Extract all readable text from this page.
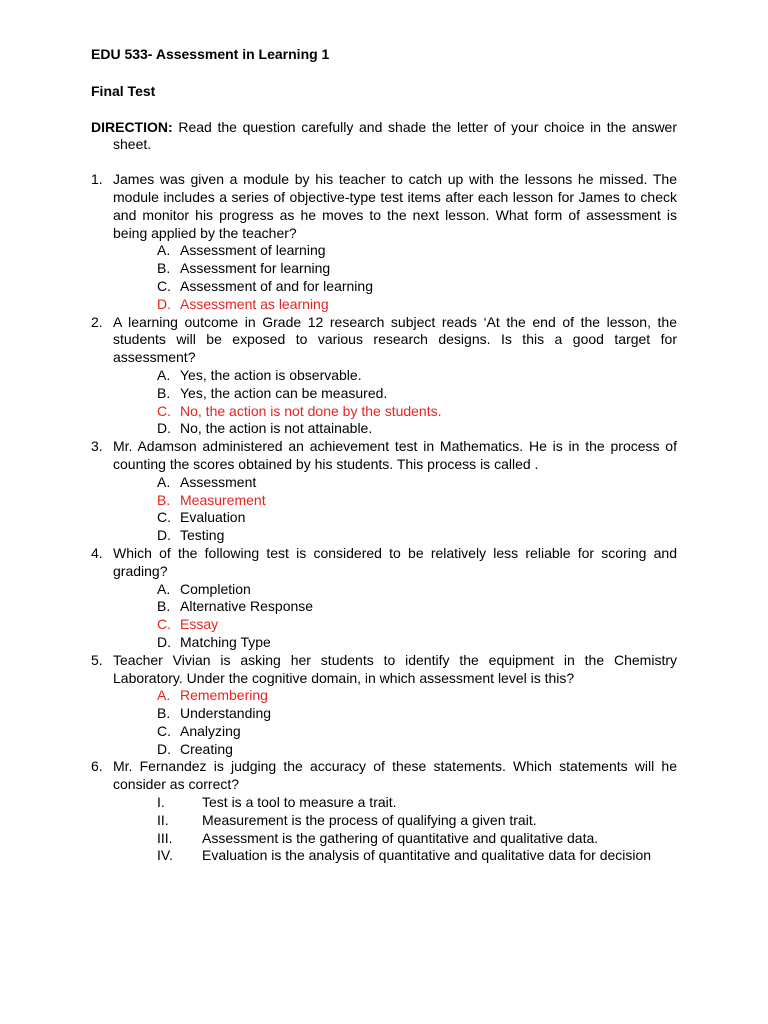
EDU 533- Assessment in Learning 1

Final Test

DIRECTION: Read the question carefully and shade the letter of your choice in the answer sheet.

1. James was given a module by his teacher to catch up with the lessons he missed. The module includes a series of objective-type test items after each lesson for James to check and monitor his progress as he moves to the next lesson. What form of assessment is being applied by the teacher?
A. Assessment of learning
B. Assessment for learning
C. Assessment of and for learning
D. Assessment as learning
2. A learning outcome in Grade 12 research subject reads ‘At the end of the lesson, the students will be exposed to various research designs. Is this a good target for assessment?
A. Yes, the action is observable.
B. Yes, the action can be measured.
C. No, the action is not done by the students.
D. No, the action is not attainable.
3. Mr. Adamson administered an achievement test in Mathematics. He is in the process of counting the scores obtained by his students. This process is called .
A. Assessment
B. Measurement
C. Evaluation
D. Testing
4. Which of the following test is considered to be relatively less reliable for scoring and grading?
A. Completion
B. Alternative Response
C. Essay
D. Matching Type
5. Teacher Vivian is asking her students to identify the equipment in the Chemistry Laboratory. Under the cognitive domain, in which assessment level is this?
A. Remembering
B. Understanding
C. Analyzing
D. Creating
6. Mr. Fernandez is judging the accuracy of these statements. Which statements will he consider as correct?
I.	Test is a tool to measure a trait.
II. Measurement is the process of qualifying a given trait.
III. Assessment is the gathering of quantitative and qualitative data.
IV. Evaluation is the analysis of quantitative and qualitative data for decision
